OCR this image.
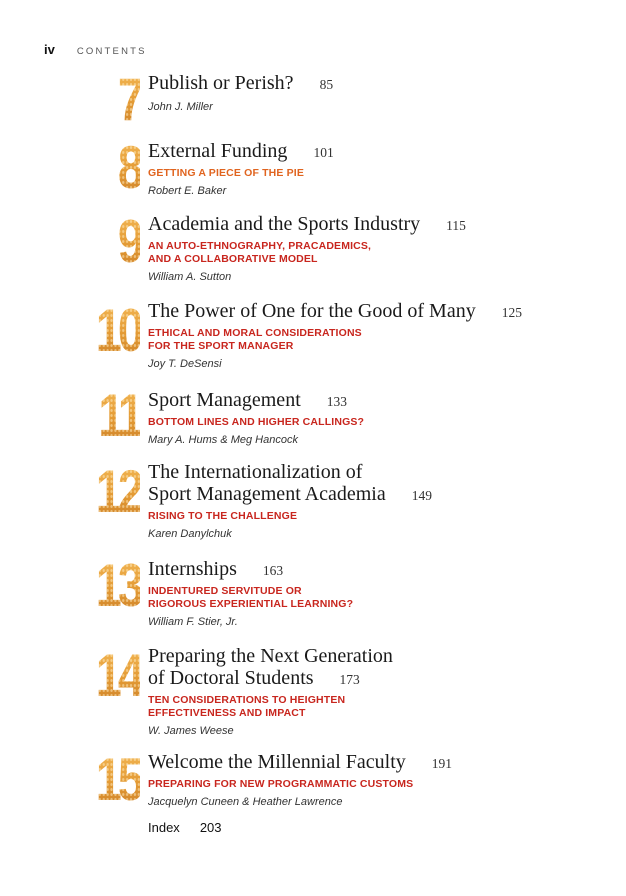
iv CONTENTS
7 Publish or Perish? 85
John J. Miller
8 External Funding 101
GETTING A PIECE OF THE PIE
Robert E. Baker
9 Academia and the Sports Industry 115
AN AUTO-ETHNOGRAPHY, PRACADEMICS,
AND A COLLABORATIVE MODEL
William A. Sutton
10 The Power of One for the Good of Many 125
ETHICAL AND MORAL CONSIDERATIONS
FOR THE SPORT MANAGER
Joy T. DeSensi
11 Sport Management 133
BOTTOM LINES AND HIGHER CALLINGS?
Mary A. Hums & Meg Hancock
12 The Internationalization of
Sport Management Academia 149
RISING TO THE CHALLENGE
Karen Danylchuk
13 Internships 163
INDENTURED SERVITUDE OR
RIGOROUS EXPERIENTIAL LEARNING?
William F. Stier, Jr.
14 Preparing the Next Generation
of Doctoral Students 173
TEN CONSIDERATIONS TO HEIGHTEN
EFFECTIVENESS AND IMPACT
W. James Weese
15 Welcome the Millennial Faculty 191
PREPARING FOR NEW PROGRAMMATIC CUSTOMS
Jacquelyn Cuneen & Heather Lawrence
Index 203
